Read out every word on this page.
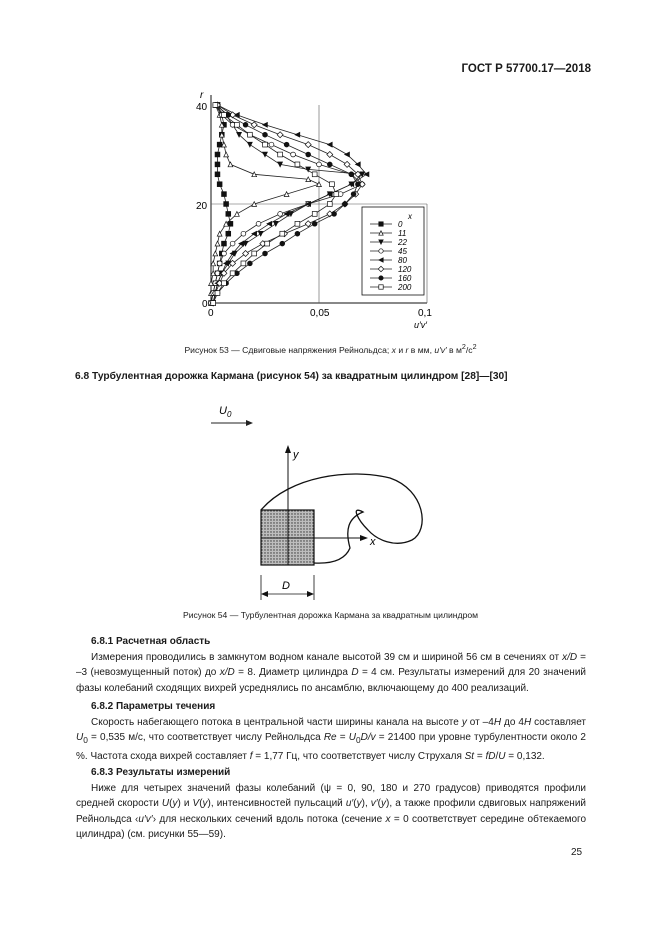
ГОСТ Р 57700.17—2018
0
11
22
45
80
120
160
200
r
40
20
0
0	0,05	0,1
u′v′
x
Рисунок 53 — Сдвиговые напряжения Рейнольдса; x и r в мм, u′v′ в $м^2/с^2$
6.8 Турбулентная дорожка Кармана (рисунок 54) за квадратным цилиндром [28]—[30]
$U_0$
y
x
D
Рисунок 54 — Турбулентная дорожка Кармана за квадратным цилиндром
6.8.1 Расчетная область
Измерения проводились в замкнутом водном канале высотой 39 см и шириной 56 см в сечениях от x/D = –3 (невозмущенный поток) до x/D = 8. Диаметр цилиндра D = 4 см. Результаты измерений для 20 значений фазы колебаний сходящих вихрей усреднялись по ансамблю, включающему до 400 реализаций.
6.8.2 Параметры течения
Скорость набегающего потока в центральной части ширины канала на высоте y от –4H до 4H составляет $U_0 = 0,535$ м/с, что соответствует числу Рейнольдса $Re = U_0D/v = 21400$ при уровне турбулентности около 2 %. Частота схода вихрей составляет f = 1,77 Гц, что соответствует числу Струхаля St = fD/U = 0,132.
6.8.3 Результаты измерений
Ниже для четырех значений фазы колебаний (ψ = 0, 90, 180 и 270 градусов) приводятся профили средней скорости U(y) и V(y), интенсивностей пульсаций u′(y), v′(y), а также профили сдвиговых напряжений Рейнольдса ‹u′v′› для нескольких сечений вдоль потока (сечение x = 0 соответствует середине обтекаемого цилиндра) (см. рисунки 55—59).
25
